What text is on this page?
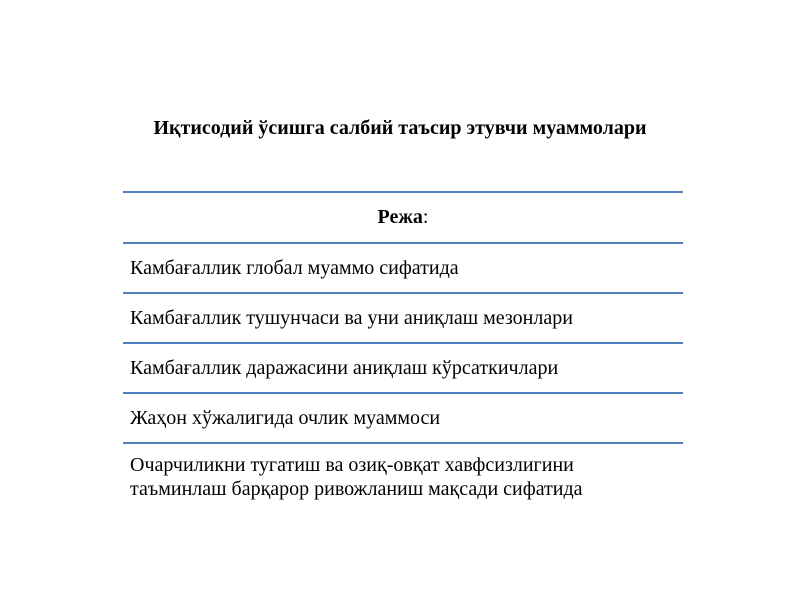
Иқтисодий ўсишга салбий таъсир этувчи муаммолари
Режа :
Камбағаллик глобал муаммо сифатида
Камбағаллик тушунчаси ва уни аниқлаш мезонлари
Камбағаллик даражасини аниқлаш кўрсаткичлари
Жаҳон хўжалигида очлик муаммоси
Очарчиликни тугатиш ва озиқ-овқат хавфсизлигини
таъминлаш барқарор ривожланиш мақсади сифатида
